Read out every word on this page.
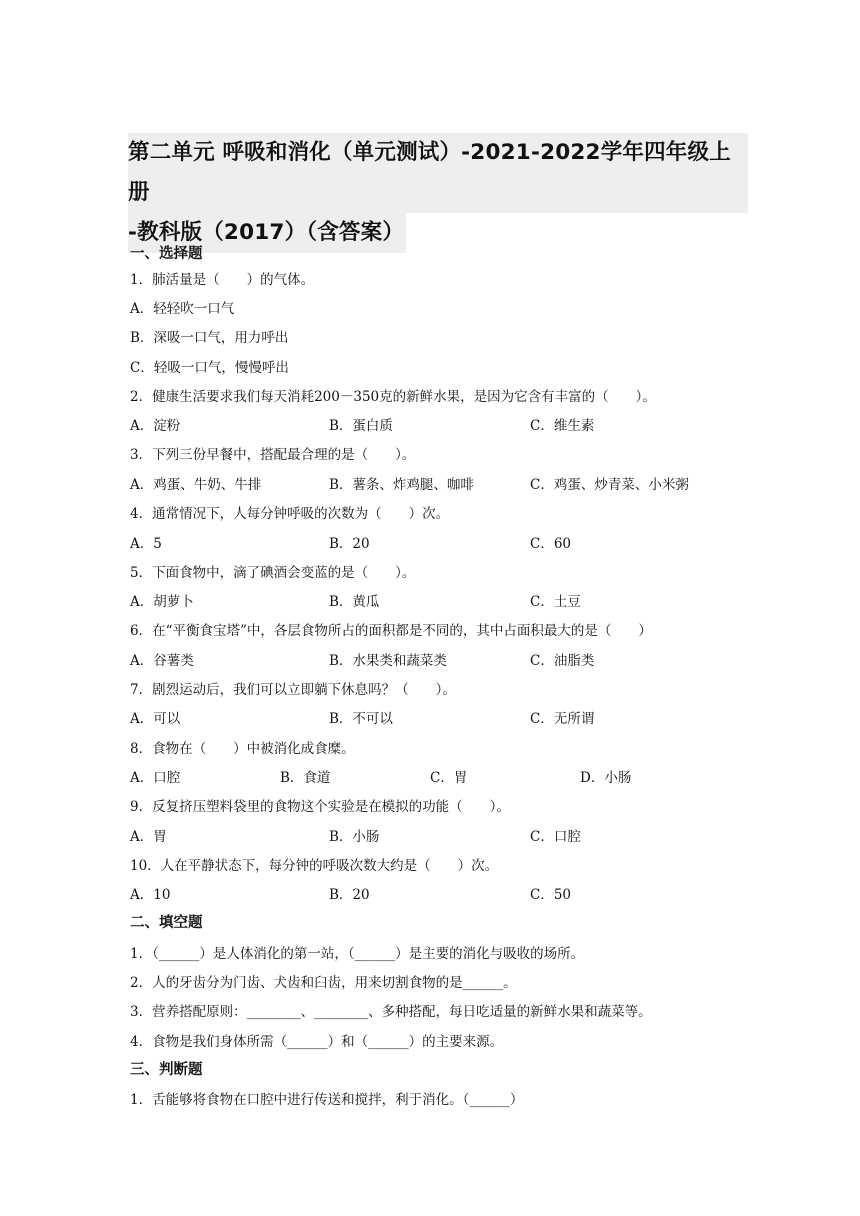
第二单元 呼吸和消化（单元测试）-2021-2022学年四年级上册
-教科版（2017）（含答案）
一、选择题
1．肺活量是（　　）的气体。
A．轻轻吹一口气
B．深吸一口气，用力呼出
C．轻吸一口气，慢慢呼出
2．健康生活要求我们每天消耗200－350克的新鲜水果，是因为它含有丰富的（　　）。
A．淀粉	B．蛋白质	C．维生素
3．下列三份早餐中，搭配最合理的是（　　）。
A．鸡蛋、牛奶、牛排	B．薯条、炸鸡腿、咖啡	C．鸡蛋、炒青菜、小米粥
4．通常情况下，人每分钟呼吸的次数为（　　）次。
A．5	B．20	C．60
5．下面食物中，滴了碘酒会变蓝的是（　　）。
A．胡萝卜	B．黄瓜	C．土豆
6．在“平衡食宝塔”中，各层食物所占的面积都是不同的，其中占面积最大的是（　　）
A．谷薯类	B．水果类和蔬菜类	C．油脂类
7．剧烈运动后，我们可以立即躺下休息吗？（　　）。
A．可以	B．不可以	C．无所谓
8．食物在（　　）中被消化成食糜。
A．口腔	B．食道	C．胃	D．小肠
9．反复挤压塑料袋里的食物这个实验是在模拟的功能（　　）。
A．胃	B．小肠	C．口腔
10．人在平静状态下，每分钟的呼吸次数大约是（　　）次。
A．10	B．20	C．50
二、填空题
1．（______）是人体消化的第一站，（______）是主要的消化与吸收的场所。
2．人的牙齿分为门齿、犬齿和臼齿，用来切割食物的是______。
3．营养搭配原则：________、________、多种搭配，每日吃适量的新鲜水果和蔬菜等。
4．食物是我们身体所需（______）和（______）的主要来源。
三、判断题
1．舌能够将食物在口腔中进行传送和搅拌，利于消化。（______）
